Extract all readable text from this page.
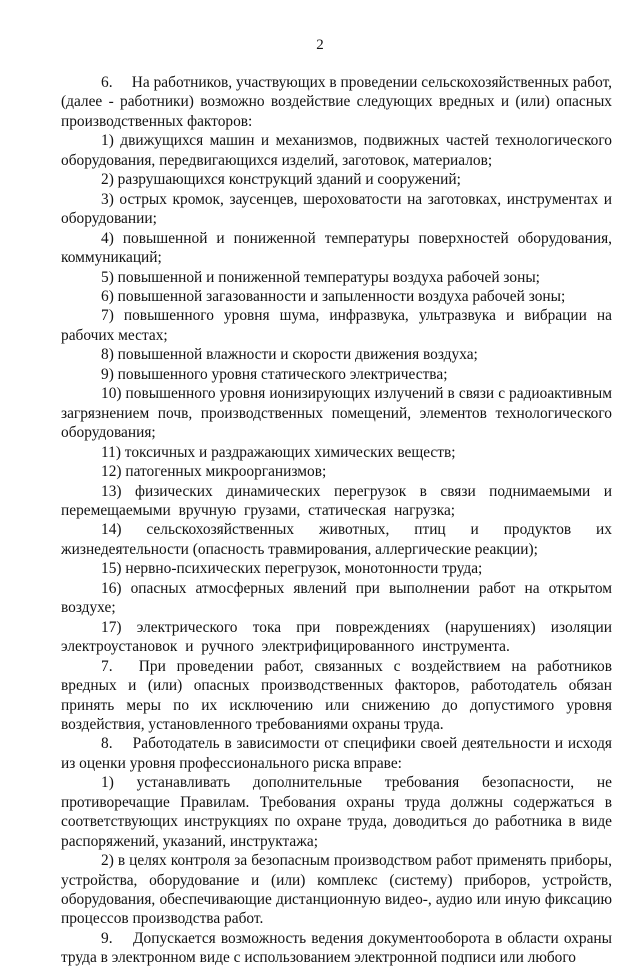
2

6.  На работников, участвующих в проведении сельскохозяйственных работ, (далее - работники) возможно воздействие следующих вредных и (или) опасных производственных факторов:

1) движущихся машин и механизмов, подвижных частей технологического оборудования, передвигающихся изделий, заготовок, материалов;

2) разрушающихся конструкций зданий и сооружений;

3) острых кромок, заусенцев, шероховатости на заготовках, инструментах и оборудовании;

4) повышенной и пониженной температуры поверхностей оборудования, коммуникаций;

5) повышенной и пониженной температуры воздуха рабочей зоны;

6) повышенной загазованности и запыленности воздуха рабочей зоны;

7) повышенного уровня шума, инфразвука, ультразвука и вибрации на рабочих местах;

8) повышенной влажности и скорости движения воздуха;

9) повышенного уровня статического электричества;

10) повышенного уровня ионизирующих излучений в связи с радиоактивным загрязнением почв, производственных помещений, элементов технологического оборудования;

11) токсичных и раздражающих химических веществ;

12) патогенных микроорганизмов;

13) физических динамических перегрузок в связи поднимаемыми и перемещаемыми вручную грузами, статическая нагрузка;

14) сельскохозяйственных животных, птиц и продуктов их жизнедеятельности (опасность травмирования, аллергические реакции);

15) нервно-психических перегрузок, монотонности труда;

16) опасных атмосферных явлений при выполнении работ на открытом воздухе;

17) электрического тока при повреждениях (нарушениях) изоляции электроустановок и ручного электрифицированного инструмента.

7.  При проведении работ, связанных с воздействием на работников вредных и (или) опасных производственных факторов, работодатель обязан принять меры по их исключению или снижению до допустимого уровня воздействия, установленного требованиями охраны труда.

8.  Работодатель в зависимости от специфики своей деятельности и исходя из оценки уровня профессионального риска вправе:

1) устанавливать дополнительные требования безопасности, не противоречащие Правилам. Требования охраны труда должны содержаться в соответствующих инструкциях по охране труда, доводиться до работника в виде распоряжений, указаний, инструктажа;

2) в целях контроля за безопасным производством работ применять приборы, устройства, оборудование и (или) комплекс (систему) приборов, устройств, оборудования, обеспечивающие дистанционную видео-, аудио или иную фиксацию процессов производства работ.

9.  Допускается возможность ведения документооборота в области охраны труда в электронном виде с использованием электронной подписи или любого
